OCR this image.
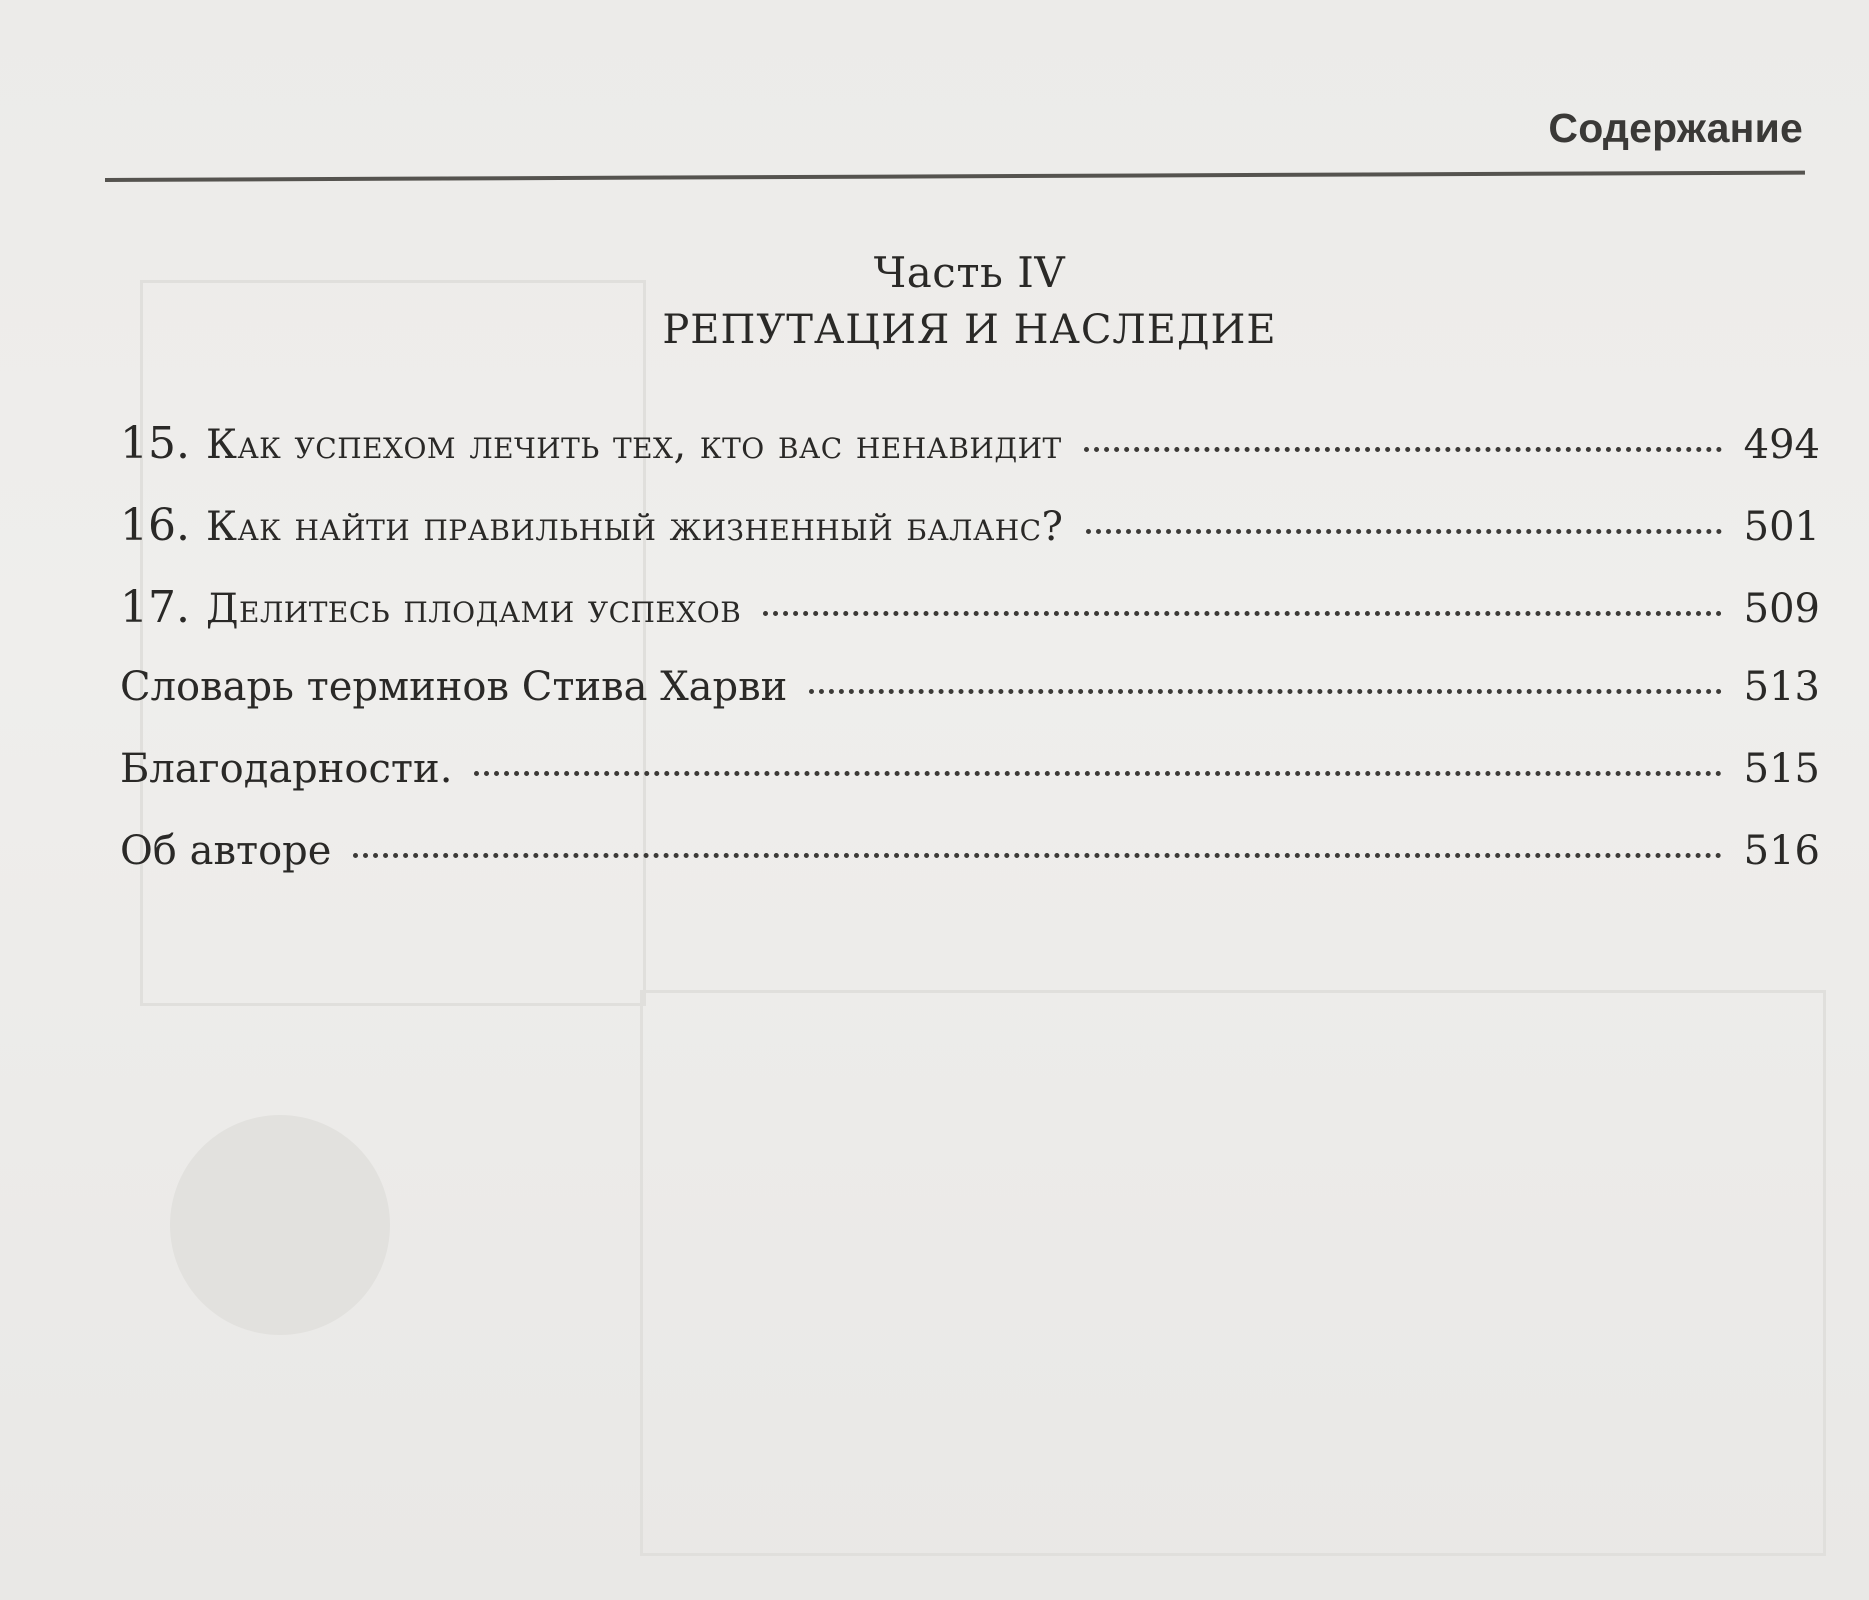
Содержание
Часть IV
РЕПУТАЦИЯ И НАСЛЕДИЕ
15. Как успехом лечить тех, кто вас ненавидит	494
16. Как найти правильный жизненный баланс?	501
17. Делитесь плодами успехов	509
Словарь терминов Стива Харви	513
Благодарности.	515
Об авторе	516
